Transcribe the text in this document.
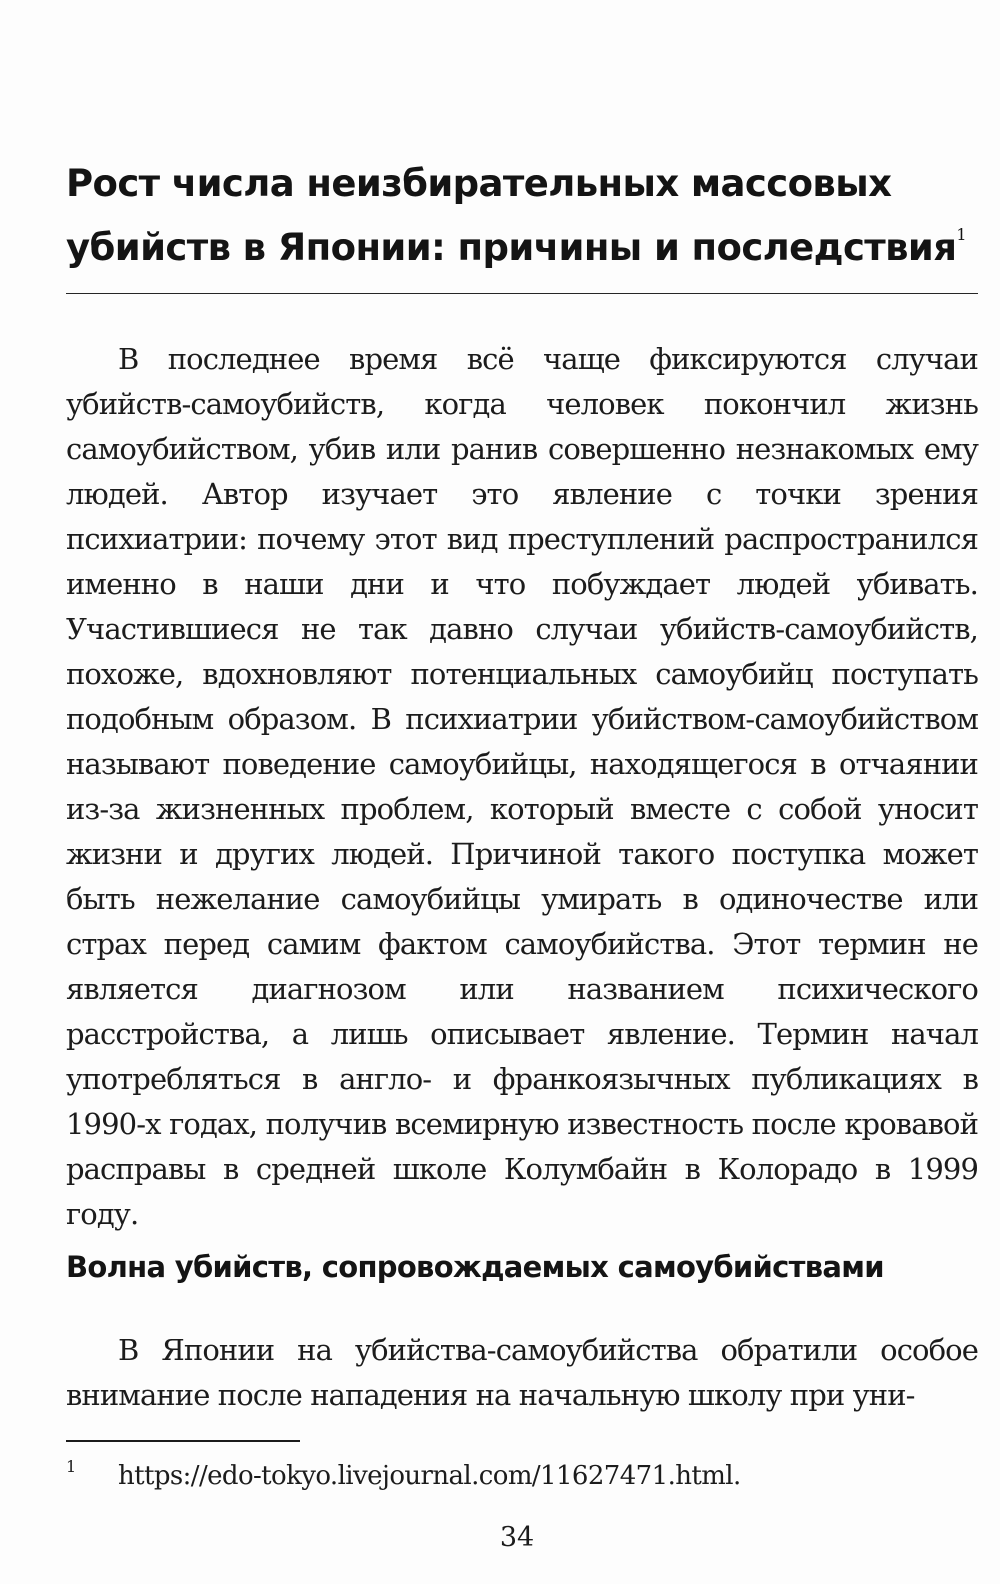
Рост числа неизбирательных массовых убийств в Японии: причины и последствия$^1$

В последнее время всё чаще фиксируются случаи убийств-самоубийств, когда человек покончил жизнь самоубийством, убив или ранив совершенно незнакомых ему людей. Автор изучает это явление с точки зрения психиатрии: почему этот вид преступлений распространился именно в наши дни и что побуждает людей убивать. Участившиеся не так давно случаи убийств-самоубийств, похоже, вдохновляют потенциальных самоубийц поступать подобным образом. В психиатрии убийством-самоубийством называют поведение самоубийцы, находящегося в отчаянии из-за жизненных проблем, который вместе с собой уносит жизни и других людей. Причиной такого поступка может быть нежелание самоубийцы умирать в одиночестве или страх перед самим фактом самоубийства. Этот термин не является диагнозом или названием психического расстройства, а лишь описывает явление. Термин начал употребляться в англо- и франкоязычных публикациях в 1990-х годах, получив всемирную известность после кровавой расправы в средней школе Колумбайн в Колорадо в 1999 году.

Волна убийств, сопровождаемых самоубийствами

В Японии на убийства-самоубийства обратили особое внимание после нападения на начальную школу при уни-

1 https://edo-tokyo.livejournal.com/11627471.html.
34
